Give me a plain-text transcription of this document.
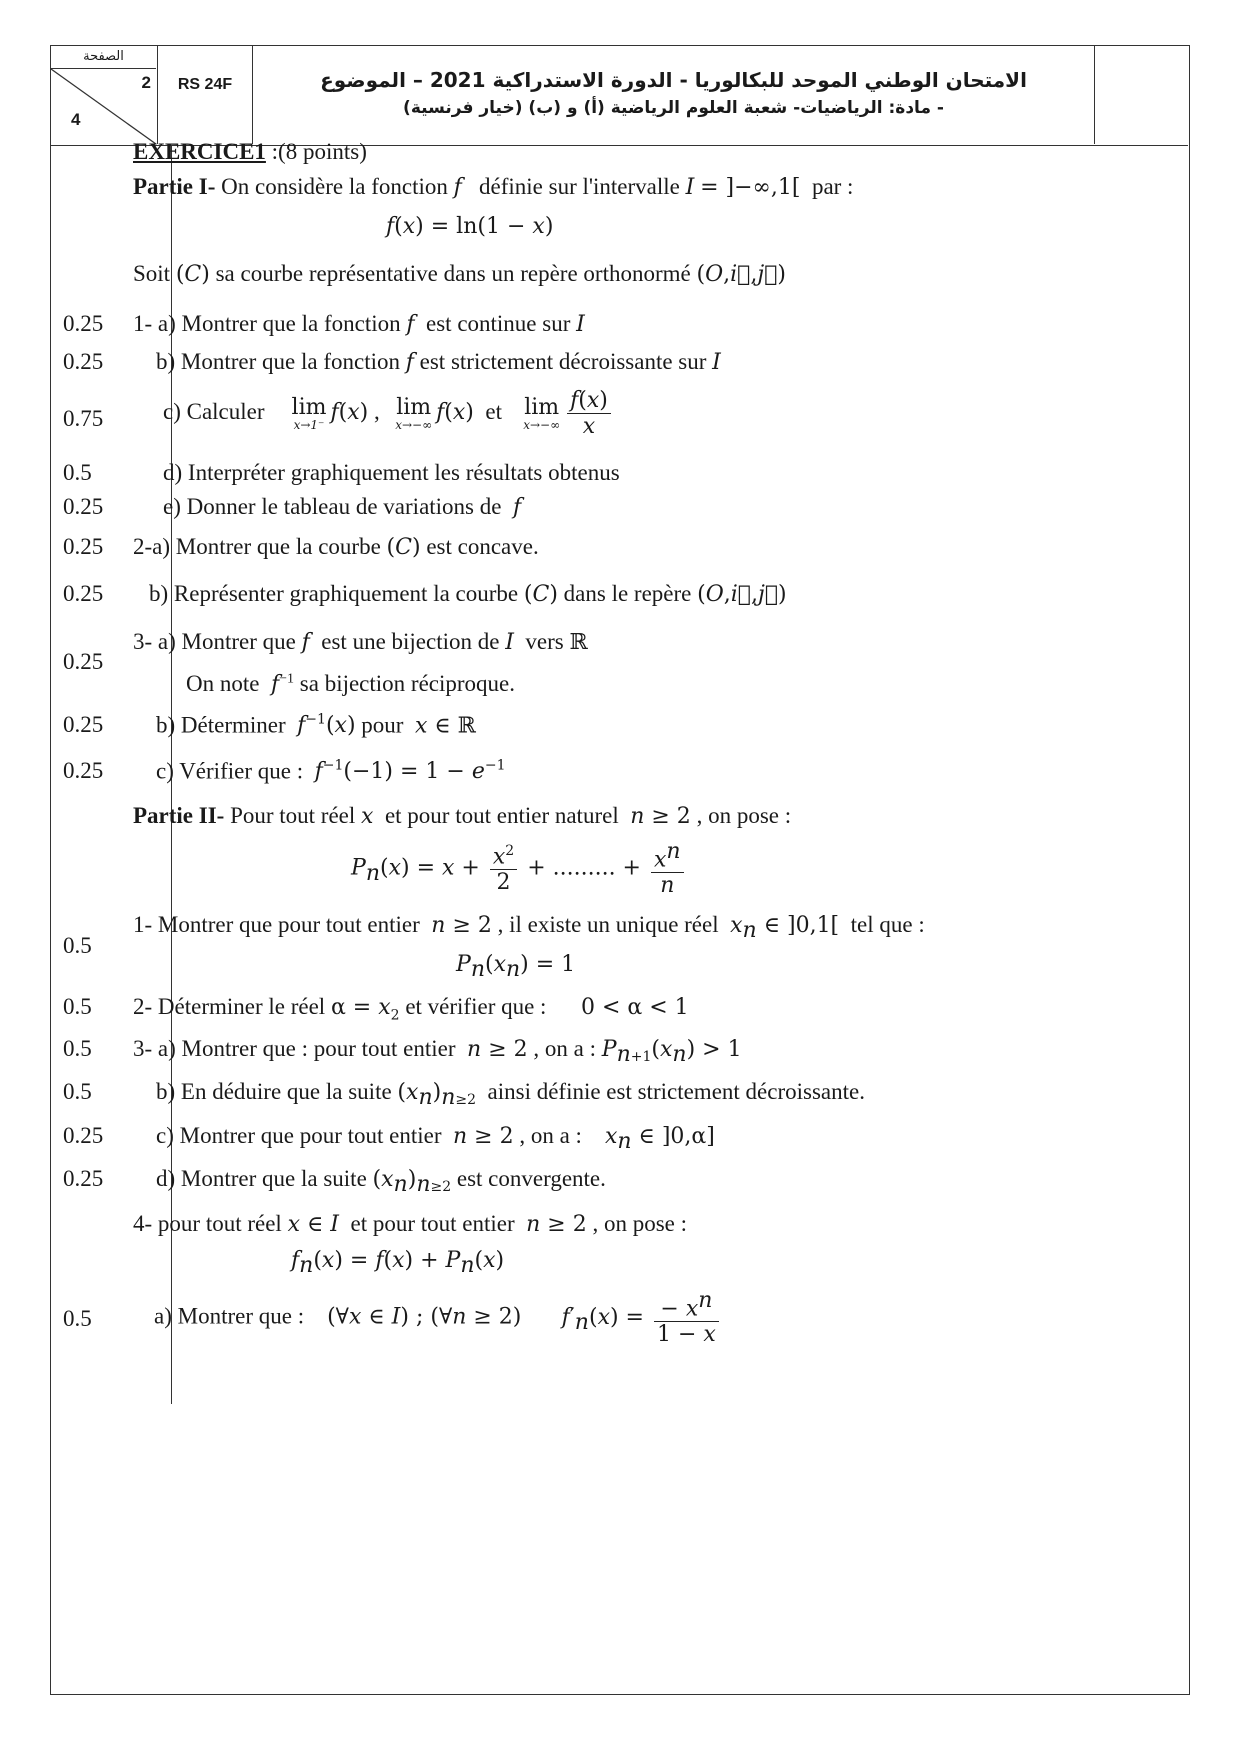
الصفحة
2
4
RS 24F	الامتحان الوطني الموحد للبكالوريا - الدورة الاستدراكية 2021 – الموضوع
- مادة: الرياضيات- شعبة العلوم الرياضية (أ) و (ب) (خيار فرنسية)
0.25
0.25
0.75
0.5
0.25
0.25
0.25
0.25
0.25
0.25
0.5
0.5
0.5
0.5
0.25
0.25
0.5
EXERCICE1 :(8 points)
Partie I- On considère la fonction f définie sur l'intervalle I = ]−∞,1[ par :
f(x) = ln(1 − x)
Soit (C) sa courbe représentative dans un repère orthonormé (O,i⃗,j⃗)
1- a) Montrer que la fonction f est continue sur I
b) Montrer que la fonction f est strictement décroissante sur I
c) Calculer lim
x→1⁻
f(x) , lim
x→−∞
f(x) et lim
$x\to-\infty \frac{f(x)}{x}$
d) Interpréter graphiquement les résultats obtenus
e) Donner le tableau de variations de f
2-a) Montrer que la courbe (C) est concave.
b) Représenter graphiquement la courbe (C) dans le repère (O,i⃗,j⃗)
3- a) Montrer que f est une bijection de I vers ℝ
On note $f^{-1}$ sa bijection réciproque.
b) Déterminer $f^{-1}(x)$ pour x ∈ ℝ
c) Vérifier que : $f^{-1}(-1) = 1 - e^{-1}$
Partie II- Pour tout réel x et pour tout entier naturel n ≥ 2 , on pose :
$P_n(x) = x + \frac{x^2}{2}$ + ......... + $\frac{x^n}{n}$
1- Montrer que pour tout entier n ≥ 2 , il existe un unique réel $x_n$ ∈ ]0,1[ tel que :
$P_n(x_n) = 1$
2- Déterminer le réel $\alpha = x_2$ et vérifier que : 0 < α < 1
3- a) Montrer que : pour tout entier n ≥ 2 , on a : $P_{n+1}(x_n) > 1$
b) En déduire que la suite $(x_n)_{n\ge 2}$ ainsi définie est strictement décroissante.
c) Montrer que pour tout entier n ≥ 2 , on a : $x_n$ ∈ ]0,α]
d) Montrer que la suite $(x_n)_{n\ge 2}$ est convergente.
4- pour tout réel x ∈ I et pour tout entier n ≥ 2 , on pose :
$f_n(x) = f(x) + P_n(x)$
a) Montrer que : (∀x ∈ I) ; (∀n ≥ 2) $f'_n(x) = \frac{- x^n}{1 - x}$
